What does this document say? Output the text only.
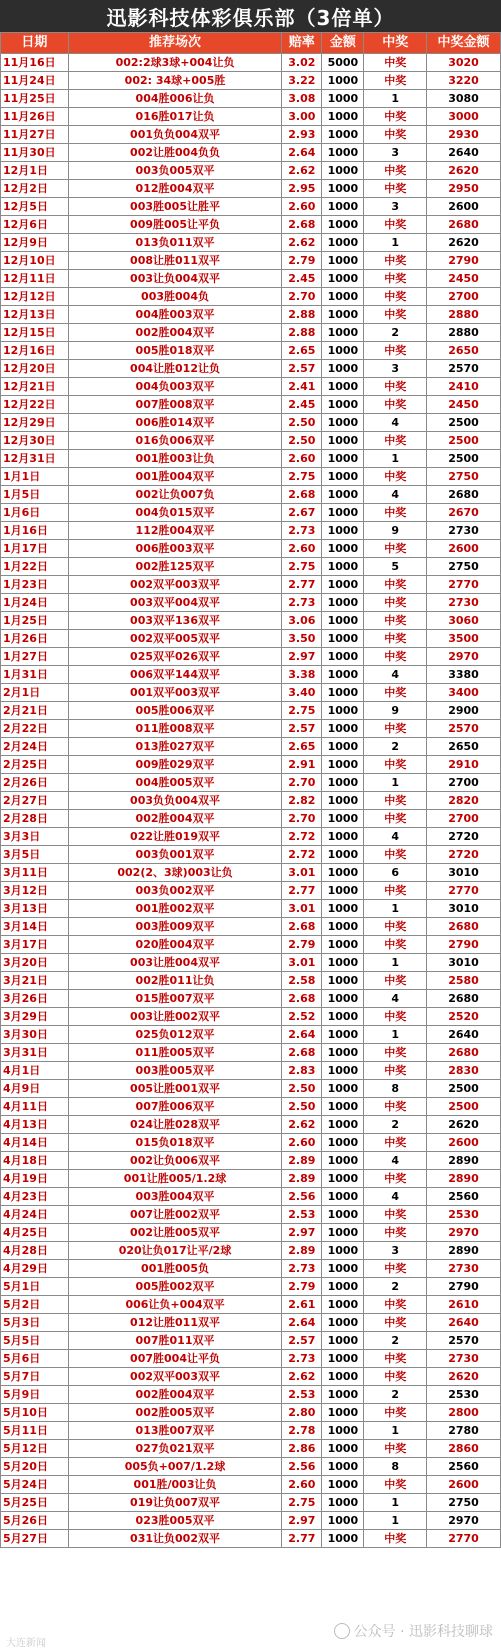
迅影科技体彩俱乐部（3倍单）
日期	推荐场次	赔率	金额	中奖	中奖金额
11月16日	002:2球3球+004让负	3.02	5000	中奖	3020
11月24日	002: 34球+005胜	3.22	1000	中奖	3220
11月25日	004胜006让负	3.08	1000	1	3080
11月26日	016胜017让负	3.00	1000	中奖	3000
11月27日	001负负004双平	2.93	1000	中奖	2930
11月30日	002让胜004负负	2.64	1000	3	2640
12月1日	003负005双平	2.62	1000	中奖	2620
12月2日	012胜004双平	2.95	1000	中奖	2950
12月5日	003胜005让胜平	2.60	1000	3	2600
12月6日	009胜005让平负	2.68	1000	中奖	2680
12月9日	013负011双平	2.62	1000	1	2620
12月10日	008让胜011双平	2.79	1000	中奖	2790
12月11日	003让负004双平	2.45	1000	中奖	2450
12月12日	003胜004负	2.70	1000	中奖	2700
12月13日	004胜003双平	2.88	1000	中奖	2880
12月15日	002胜004双平	2.88	1000	2	2880
12月16日	005胜018双平	2.65	1000	中奖	2650
12月20日	004让胜012让负	2.57	1000	3	2570
12月21日	004负003双平	2.41	1000	中奖	2410
12月22日	007胜008双平	2.45	1000	中奖	2450
12月29日	006胜014双平	2.50	1000	4	2500
12月30日	016负006双平	2.50	1000	中奖	2500
12月31日	001胜003让负	2.60	1000	1	2500
1月1日	001胜004双平	2.75	1000	中奖	2750
1月5日	002让负007负	2.68	1000	4	2680
1月6日	004负015双平	2.67	1000	中奖	2670
1月16日	112胜004双平	2.73	1000	9	2730
1月17日	006胜003双平	2.60	1000	中奖	2600
1月22日	002胜125双平	2.75	1000	5	2750
1月23日	002双平003双平	2.77	1000	中奖	2770
1月24日	003双平004双平	2.73	1000	中奖	2730
1月25日	003双平136双平	3.06	1000	中奖	3060
1月26日	002双平005双平	3.50	1000	中奖	3500
1月27日	025双平026双平	2.97	1000	中奖	2970
1月31日	006双平144双平	3.38	1000	4	3380
2月1日	001双平003双平	3.40	1000	中奖	3400
2月21日	005胜006双平	2.75	1000	9	2900
2月22日	011胜008双平	2.57	1000	中奖	2570
2月24日	013胜027双平	2.65	1000	2	2650
2月25日	009胜029双平	2.91	1000	中奖	2910
2月26日	004胜005双平	2.70	1000	1	2700
2月27日	003负负004双平	2.82	1000	中奖	2820
2月28日	002胜004双平	2.70	1000	中奖	2700
3月3日	022让胜019双平	2.72	1000	4	2720
3月5日	003负001双平	2.72	1000	中奖	2720
3月11日	002(2、3球)003让负	3.01	1000	6	3010
3月12日	003负002双平	2.77	1000	中奖	2770
3月13日	001胜002双平	3.01	1000	1	3010
3月14日	003胜009双平	2.68	1000	中奖	2680
3月17日	020胜004双平	2.79	1000	中奖	2790
3月20日	003让胜004双平	3.01	1000	1	3010
3月21日	002胜011让负	2.58	1000	中奖	2580
3月26日	015胜007双平	2.68	1000	4	2680
3月29日	003让胜002双平	2.52	1000	中奖	2520
3月30日	025负012双平	2.64	1000	1	2640
3月31日	011胜005双平	2.68	1000	中奖	2680
4月1日	003胜005双平	2.83	1000	中奖	2830
4月9日	005让胜001双平	2.50	1000	8	2500
4月11日	007胜006双平	2.50	1000	中奖	2500
4月13日	024让胜028双平	2.62	1000	2	2620
4月14日	015负018双平	2.60	1000	中奖	2600
4月18日	002让负006双平	2.89	1000	4	2890
4月19日	001让胜005/1.2球	2.89	1000	中奖	2890
4月23日	003胜004双平	2.56	1000	4	2560
4月24日	007让胜002双平	2.53	1000	中奖	2530
4月25日	002让胜005双平	2.97	1000	中奖	2970
4月28日	020让负017让平/2球	2.89	1000	3	2890
4月29日	001胜005负	2.73	1000	中奖	2730
5月1日	005胜002双平	2.79	1000	2	2790
5月2日	006让负+004双平	2.61	1000	中奖	2610
5月3日	012让胜011双平	2.64	1000	中奖	2640
5月5日	007胜011双平	2.57	1000	2	2570
5月6日	007胜004让平负	2.73	1000	中奖	2730
5月7日	002双平003双平	2.62	1000	中奖	2620
5月9日	002胜004双平	2.53	1000	2	2530
5月10日	002胜005双平	2.80	1000	中奖	2800
5月11日	013胜007双平	2.78	1000	1	2780
5月12日	027负021双平	2.86	1000	中奖	2860
5月20日	005负+007/1.2球	2.56	1000	8	2560
5月24日	001胜/003让负	2.60	1000	中奖	2600
5月25日	019让负007双平	2.75	1000	1	2750
5月26日	023胜005双平	2.97	1000	1	2970
5月27日	031让负002双平	2.77	1000	中奖	2770
大连新闻
公众号 · 迅影科技聊球
